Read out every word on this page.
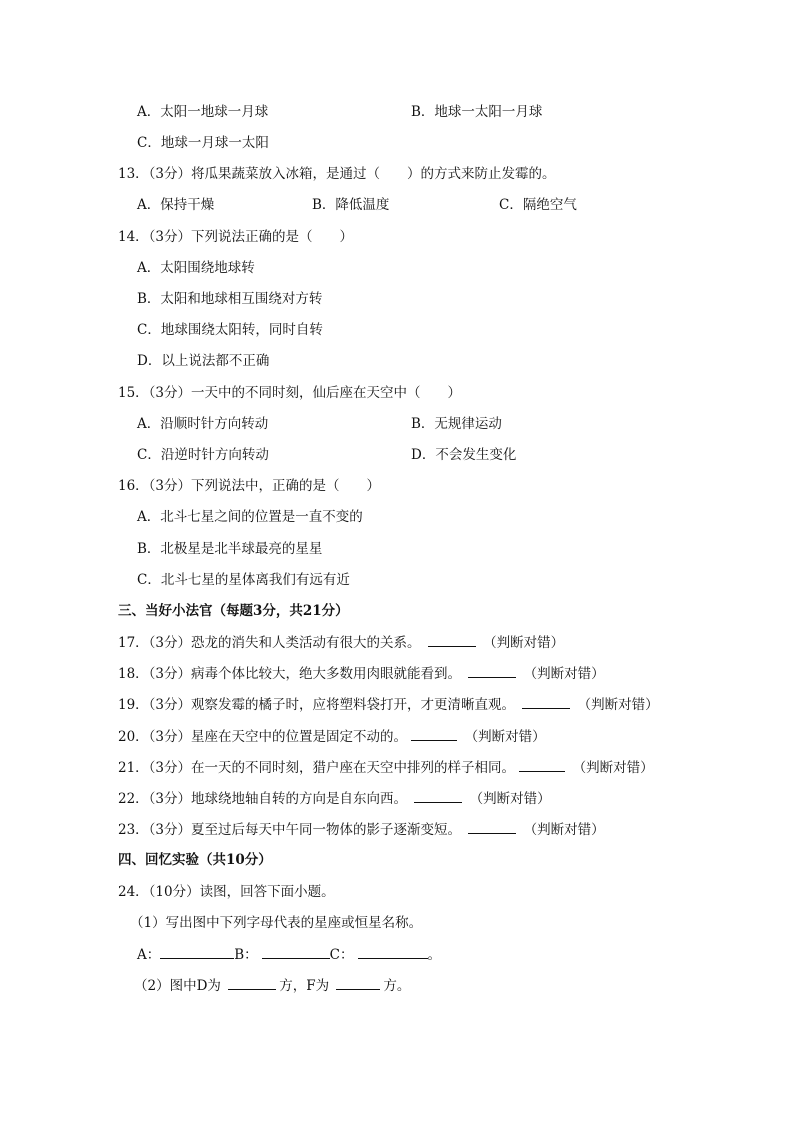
A．太阳一地球一月球	B．地球一太阳一月球
C．地球一月球一太阳
13．（3分）将瓜果蔬菜放入冰箱，是通过（　　）的方式来防止发霉的。
A．保持干燥	B．降低温度	C．隔绝空气
14．（3分）下列说法正确的是（　　）
A．太阳围绕地球转
B．太阳和地球相互围绕对方转
C．地球围绕太阳转，同时自转
D．以上说法都不正确
15．（3分）一天中的不同时刻，仙后座在天空中（　　）
A．沿顺时针方向转动	B．无规律运动
C．沿逆时针方向转动	D．不会发生变化
16．（3分）下列说法中，正确的是（　　）
A．北斗七星之间的位置是一直不变的
B．北极星是北半球最亮的星星
C．北斗七星的星体离我们有远有近
三、当好小法官（每题3分，共21分）
17．（3分）恐龙的消失和人类活动有很大的关系。	（判断对错）
18．（3分）病毒个体比较大，绝大多数用肉眼就能看到。	（判断对错）
19．（3分）观察发霉的橘子时，应将塑料袋打开，才更清晰直观。	（判断对错）
20．（3分）星座在天空中的位置是固定不动的。	（判断对错）
21．（3分）在一天的不同时刻，猎户座在天空中排列的样子相同。	（判断对错）
22．（3分）地球绕地轴自转的方向是自东向西。	（判断对错）
23．（3分）夏至过后每天中午同一物体的影子逐渐变短。	（判断对错）
四、回忆实验（共10分）
24．（10分）读图，回答下面小题。
（1）写出图中下列字母代表的星座或恒星名称。
A：	B：	C：	。
（2）图中D为	方，F为	方。
